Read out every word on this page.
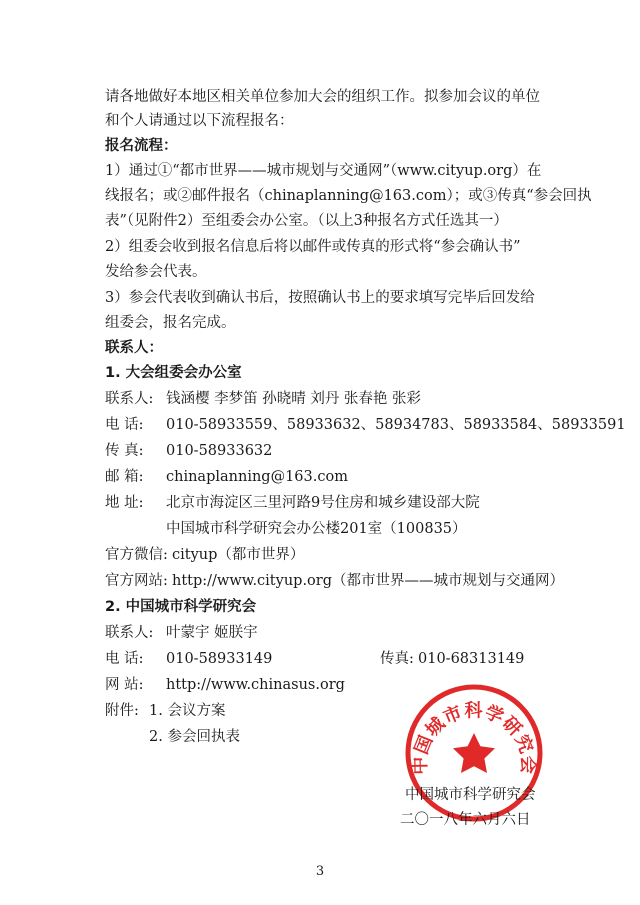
请各地做好本地区相关单位参加大会的组织工作。拟参加会议的单位
和个人请通过以下流程报名：
报名流程：
1）通过①“都市世界——城市规划与交通网”（www.cityup.org）在
线报名；或②邮件报名（chinaplanning@163.com）；或③传真“参会回执
表”（见附件2）至组委会办公室。（以上3种报名方式任选其一）
2）组委会收到报名信息后将以邮件或传真的形式将“参会确认书”
发给参会代表。
3）参会代表收到确认书后，按照确认书上的要求填写完毕后回发给
组委会，报名完成。
联系人：
1. 大会组委会办公室
联系人: 钱涵樱 李梦笛 孙晓晴 刘丹 张春艳 张彩
电 话: 010-58933559、58933632、58934783、58933584、58933591
传 真: 010-58933632
邮 箱: chinaplanning@163.com
地 址: 北京市海淀区三里河路9号住房和城乡建设部大院
中国城市科学研究会办公楼201室（100835）
官方微信: cityup（都市世界）
官方网站: http://www.cityup.org（都市世界——城市规划与交通网）
2. 中国城市科学研究会
联系人: 叶蒙宇 姬朕宇
电 话: 010-58933149	传真: 010-68313149
网 站: http://www.chinasus.org
附件: 1. 会议方案
2. 参会回执表
中国城市科学研究会
中国城市科学研究会
二〇一八年六月六日
3
